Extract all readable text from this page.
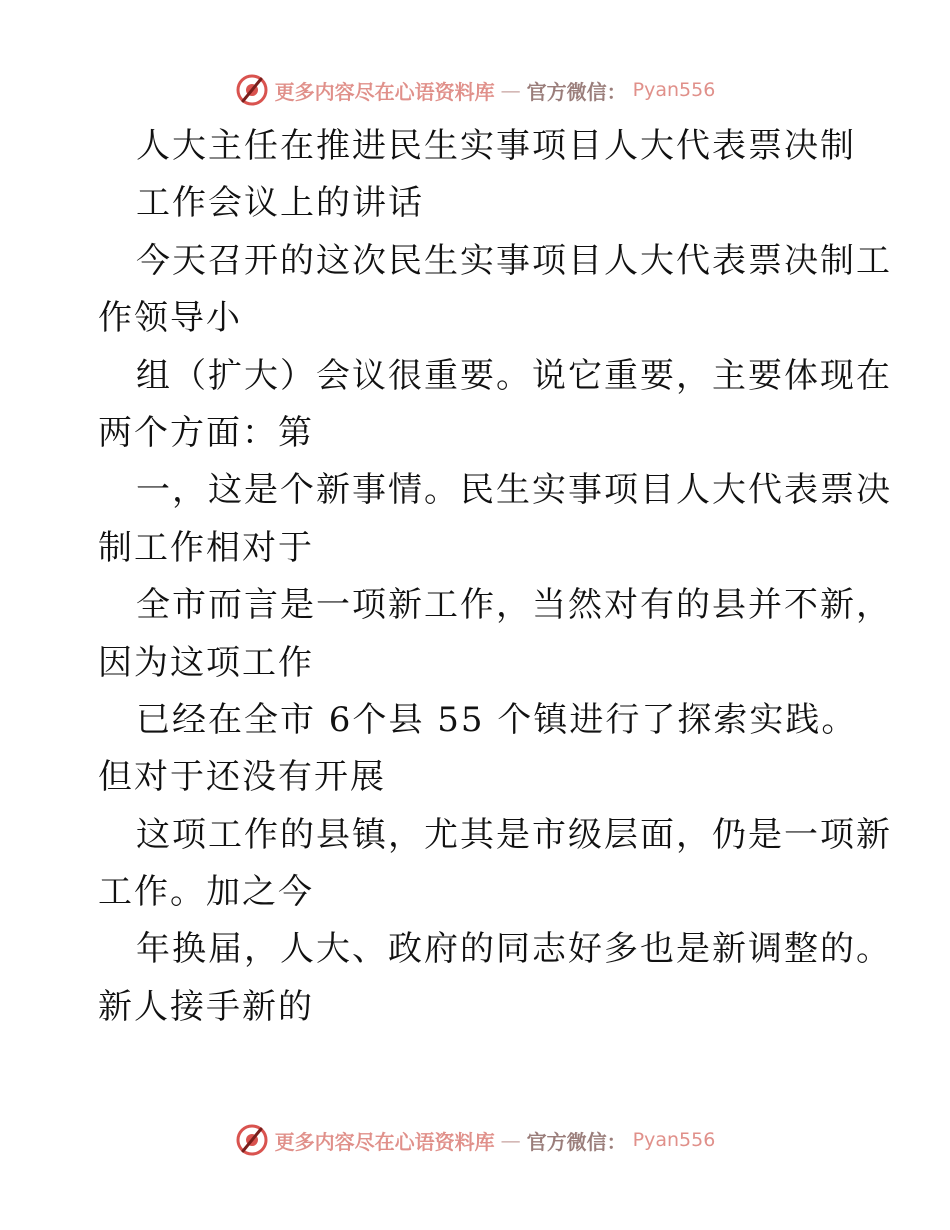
更多内容尽在心语资料库 — 官方微信： Pyan556
人大主任在推进民生实事项目人大代表票决制
工作会议上的讲话
今天召开的这次民生实事项目人大代表票决制工
作领导小
组（扩大）会议很重要。说它重要，主要体现在
两个方面：第
一，这是个新事情。民生实事项目人大代表票决
制工作相对于
全市而言是一项新工作，当然对有的县并不新，
因为这项工作
已经在全市 6个县 55 个镇进行了探索实践。
但对于还没有开展
这项工作的县镇，尤其是市级层面，仍是一项新
工作。加之今
年换届，人大、政府的同志好多也是新调整的。
新人接手新的
更多内容尽在心语资料库 — 官方微信： Pyan556
